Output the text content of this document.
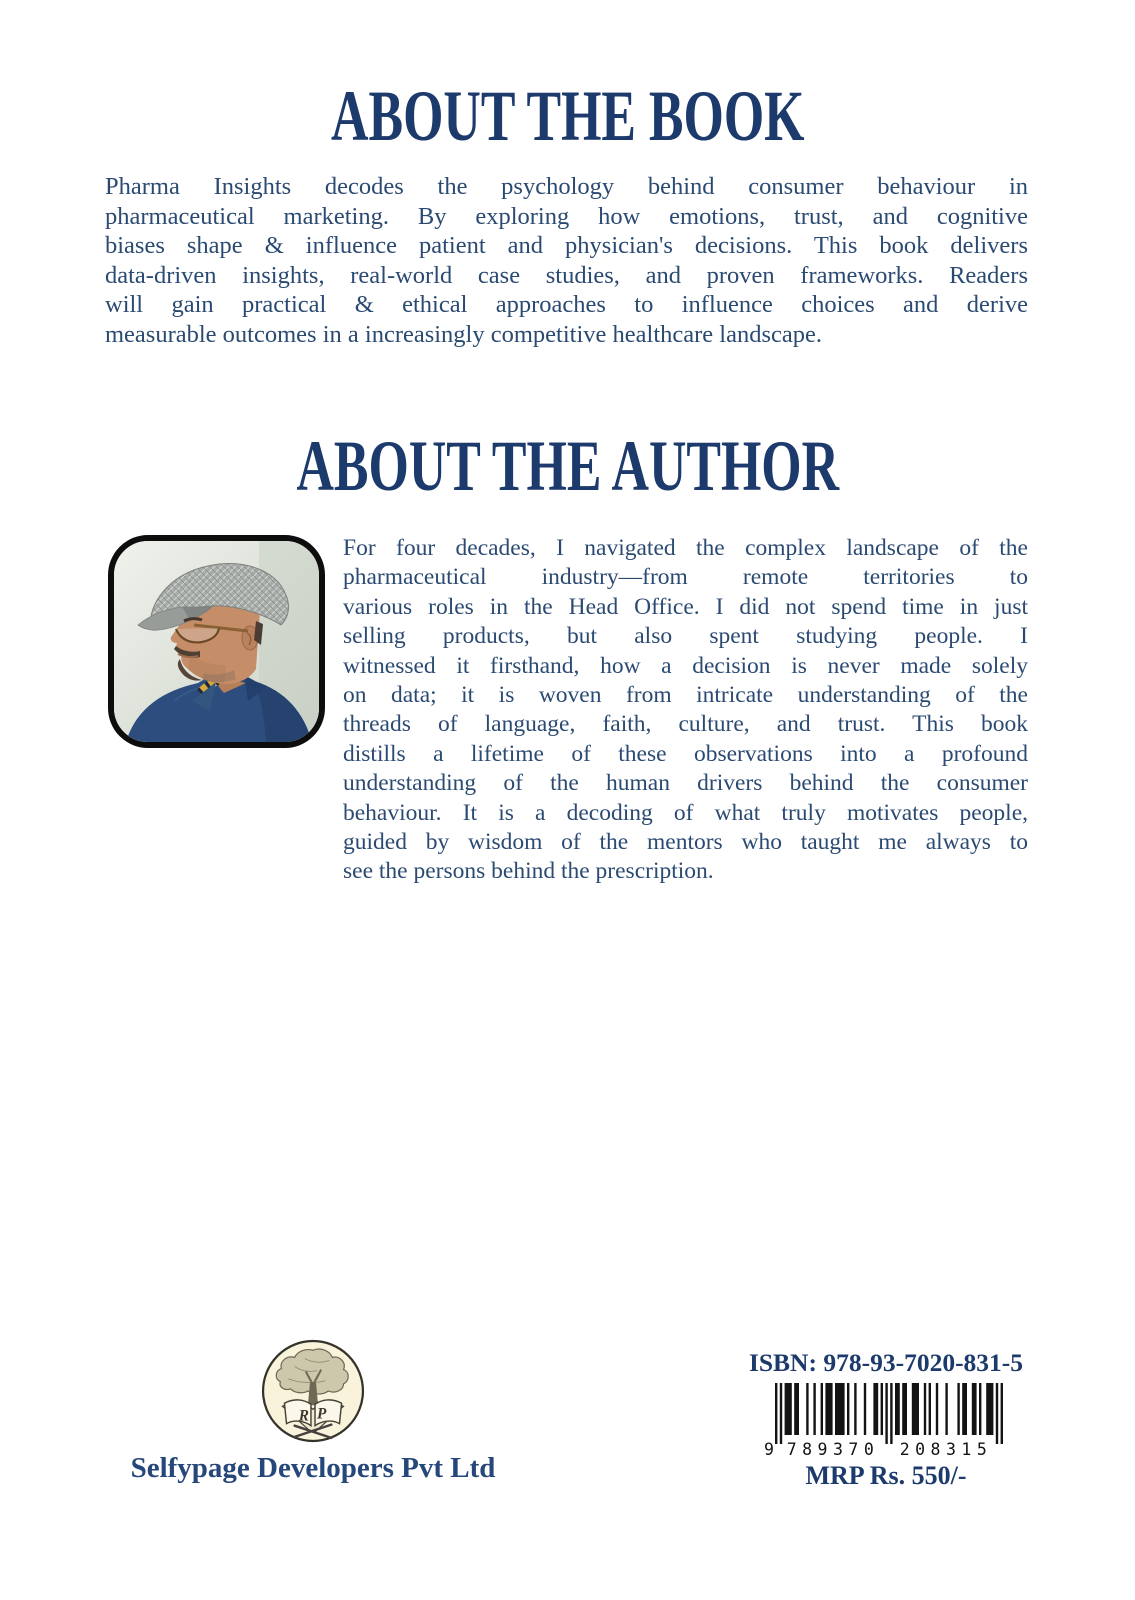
ABOUT THE BOOK
Pharma Insights decodes the psychology behind consumer behaviour in
pharmaceutical marketing. By exploring how emotions, trust, and cognitive
biases shape & influence patient and physician's decisions. This book delivers
data-driven insights, real-world case studies, and proven frameworks. Readers
will gain practical & ethical approaches to influence choices and derive
measurable outcomes in a increasingly competitive healthcare landscape.
ABOUT THE AUTHOR
For four decades, I navigated the complex landscape of the
pharmaceutical industry—from remote territories to
various roles in the Head Office. I did not spend time in just
selling products, but also spent studying people. I
witnessed it firsthand, how a decision is never made solely
on data; it is woven from intricate understanding of the
threads of language, faith, culture, and trust. This book
distills a lifetime of these observations into a profound
understanding of the human drivers behind the consumer
behaviour. It is a decoding of what truly motivates people,
guided by wisdom of the mentors who taught me always to
see the persons behind the prescription.
R P
Selfypage Developers Pvt Ltd
ISBN: 978-93-7020-831-5
9 789370 208315
MRP Rs. 550/-
